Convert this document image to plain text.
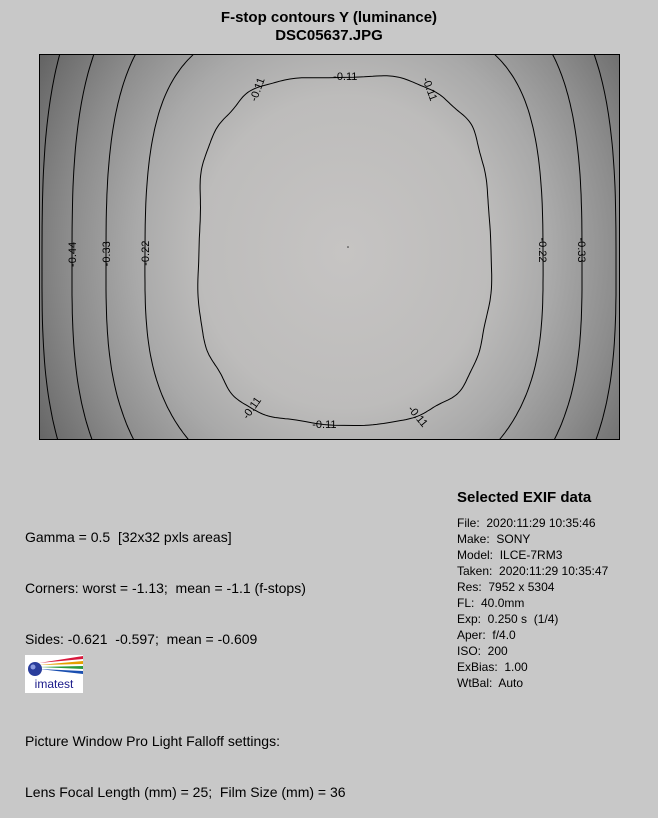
F-stop contours Y (luminance)
DSC05637.JPG
-0.11
-0.11	-0.11
-0.11	-0.11
-0.11
-0.22	-0.22
-0.33	-0.33
-0.44

Gamma = 0.5  [32x32 pxls areas]

Corners: worst = -1.13;  mean = -1.1 (f-stops)

Sides: -0.621  -0.597;  mean = -0.609

Picture Window Pro Light Falloff settings:

Lens Focal Length (mm) = 25;  Film Size (mm) = 36

Selected EXIF data
File:  2020:11:29 10:35:46
Make:  SONY
Model:  ILCE-7RM3
Taken:  2020:11:29 10:35:47
Res:  7952 x 5304
FL:  40.0mm
Exp:  0.250 s  (1/4)
Aper:  f/4.0
ISO:  200
ExBias:  1.00
WtBal:  Auto
imatest
